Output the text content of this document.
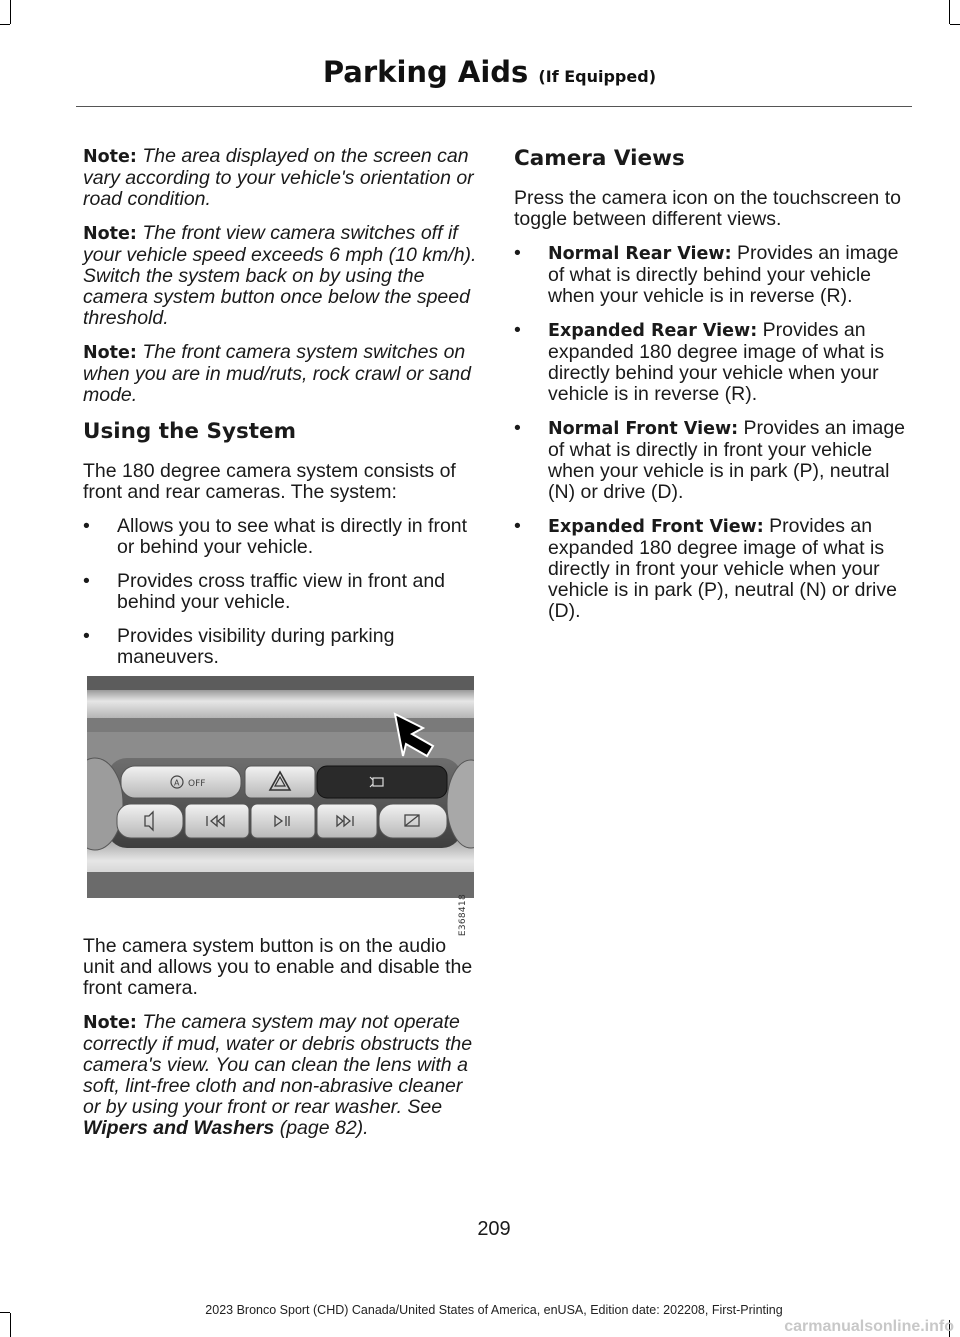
Parking Aids (If Equipped)

Note: The area displayed on the screen can vary according to your vehicle's orientation or road condition.

Note: The front view camera switches off if your vehicle speed exceeds 6 mph (10 km/h). Switch the system back on by using the camera system button once below the speed threshold.

Note: The front camera system switches on when you are in mud/ruts, rock crawl or sand mode.

Using the System

The 180 degree camera system consists of front and rear cameras. The system:

• Allows you to see what is directly in front or behind your vehicle.
• Provides cross traffic view in front and behind your vehicle.
• Provides visibility during parking maneuvers.
A OFF
E368418

The camera system button is on the audio unit and allows you to enable and disable the front camera.

Note: The camera system may not operate correctly if mud, water or debris obstructs the camera's view. You can clean the lens with a soft, lint-free cloth and non-abrasive cleaner or by using your front or rear washer. See Wipers and Washers (page 82).

Camera Views

Press the camera icon on the touchscreen to toggle between different views.

• Normal Rear View: Provides an image of what is directly behind your vehicle when your vehicle is in reverse (R).
• Expanded Rear View: Provides an expanded 180 degree image of what is directly behind your vehicle when your vehicle is in reverse (R).
• Normal Front View: Provides an image of what is directly in front your vehicle when your vehicle is in park (P), neutral (N) or drive (D).
• Expanded Front View: Provides an expanded 180 degree image of what is directly in front your vehicle when your vehicle is in park (P), neutral (N) or drive (D).
209
2023 Bronco Sport (CHD) Canada/United States of America, enUSA, Edition date: 202208, First-Printing
carmanualsonline.info
